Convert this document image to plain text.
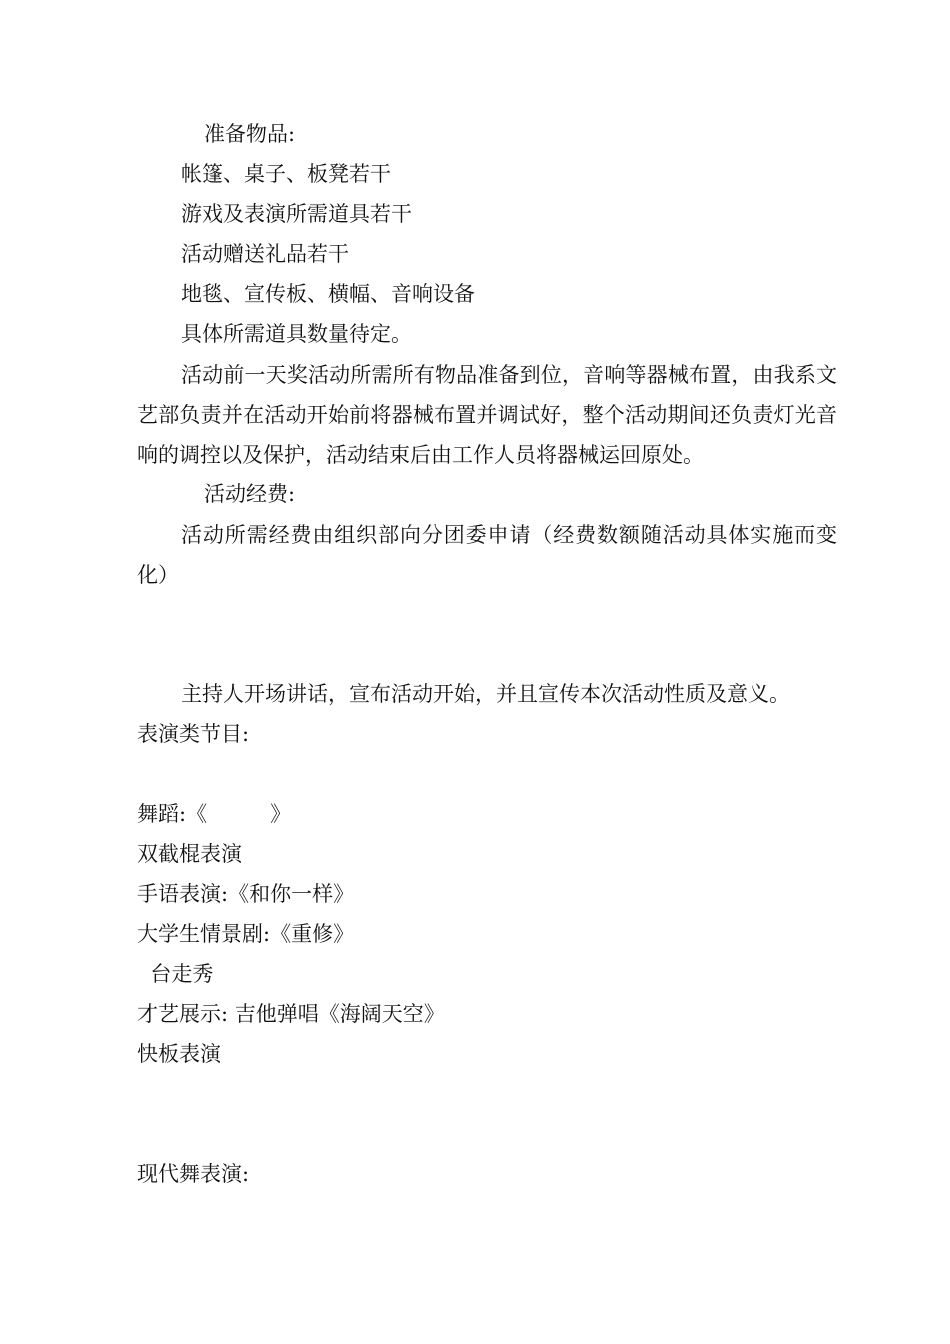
准备物品:
帐篷、桌子、板凳若干
游戏及表演所需道具若干
活动赠送礼品若干
地毯、宣传板、横幅、音响设备
具体所需道具数量待定。
活动前一天奖活动所需所有物品准备到位，音响等器械布置，由我系文艺部负责并在活动开始前将器械布置并调试好，整个活动期间还负责灯光音响的调控以及保护，活动结束后由工作人员将器械运回原处。
活动经费:
活动所需经费由组织部向分团委申请（经费数额随活动具体实施而变化）
主持人开场讲话，宣布活动开始，并且宣传本次活动性质及意义。
表演类节目:
舞蹈:《　　　》
双截棍表演
手语表演:《和你一样》
大学生情景剧:《重修》
台走秀
才艺展示: 吉他弹唱《海阔天空》
快板表演
现代舞表演:
